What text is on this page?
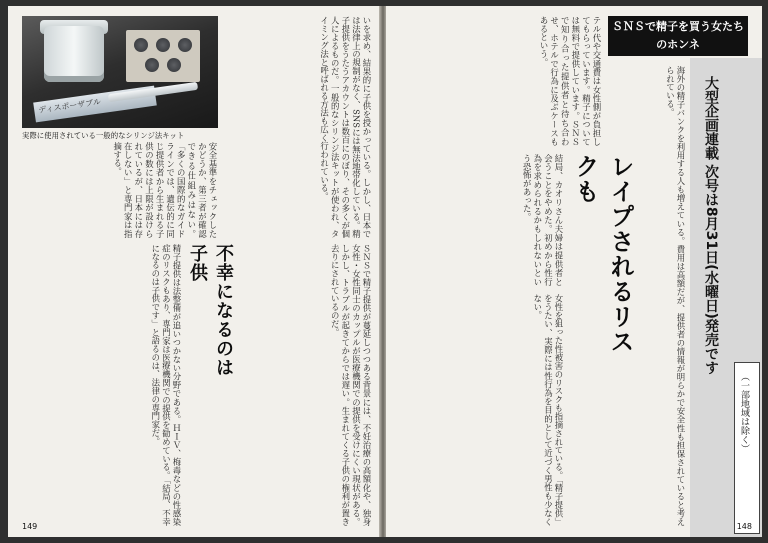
ディスポーザブル
実際に使用されている一般的なシリンジ法キット	いを求め、結果的に子供を授かっている。しかし、日本では法律上の規制がなく、SNSには無法地帯化している。精子提供をうたうアカウントは数百にのぼり、その多くが個人によるものだ。一般的なシリンジ法キットが使われ、タイミング法と呼ばれる方法も広く行われている。
安全基準をチェックしたかどうか、第三者が確認できる仕組みはない。「多くの国際的なガイドラインでは、遺伝的に同じ提供者から生まれる子供の数には上限が設けられているが、日本には存在しない」と専門家は指摘する。
不幸になるのは子供	ＳＮＳで精子提供が蔓延しつつある背景には、不妊治療の高額化や、独身女性・女性同士のカップルが医療機関での提供を受けにくい現状がある。しかし、トラブルが起きてからでは遅い。生まれてくる子供の権利が置き去りにされているのだ。
精子提供は法整備が追いつかない分野である。ＨＩＶ、梅毒などの性感染症のリスクもあり、専門家は医療機関での提供を勧めている。「結局、不幸になるのは子供です」と語るのは、法律の専門家だ。
149
ＳＮＳで精子を買う女たちのホンネ
テル代や交通費は女性側が負担してもらっています。精子については無料で提供しています。ＳＮＳで知り合った提供者と待ち合わせ、ホテルで行為に及ぶケースもあるという。
レイプされるリスクも
結局、カオリさん夫婦は提供者と会うことをやめた。初めから性行為を求められるかもしれないという恐怖があった。
女性を狙った性被害のリスクも指摘されている。「精子提供」をうたい、実際には性行為を目的として近づく男性も少なくない。	海外の精子バンクを利用する人も増えている。費用は高額だが、提供者の情報が明らかで安全性も担保されていると考えられている。	大型企画連載 次号は8月31日(水曜日)発売です
（一部地域は除く）
148
